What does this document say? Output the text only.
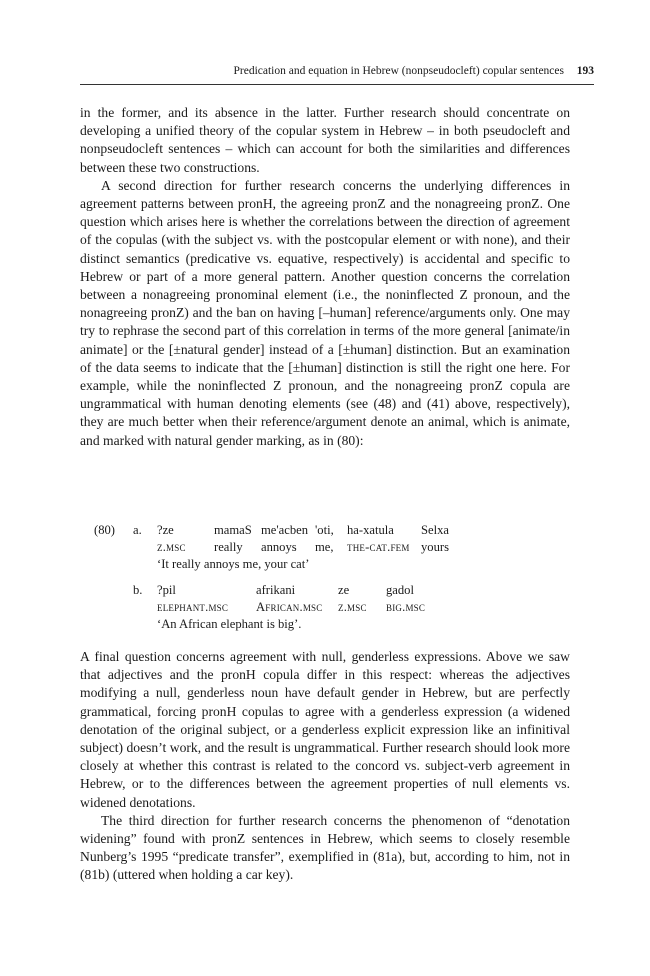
Predication and equation in Hebrew (nonpseudocleft) copular sentences 193

in the former, and its absence in the latter. Further research should concentrate on developing a unified theory of the copular system in Hebrew – in both pseudocleft and nonpseudocleft sentences – which can account for both the similarities and differences between these two constructions.

A second direction for further research concerns the underlying differences in agreement patterns between pronH, the agreeing pronZ and the nonagreeing pronZ. One question which arises here is whether the correlations between the direction of agreement of the copulas (with the subject vs. with the postcopular element or with none), and their distinct semantics (predicative vs. equative, respectively) is accidental and specific to Hebrew or part of a more general pattern. Another question concerns the correlation between a nonagreeing pronominal element (i.e., the noninflected Z pronoun, and the nonagreeing pronZ) and the ban on having [–human] reference/arguments only. One may try to rephrase the second part of this correlation in terms of the more general [animate/in animate] or the [±natural gender] instead of a [±human] distinction. But an examination of the data seems to indicate that the [±human] distinction is still the right one here. For example, while the noninflected Z pronoun, and the nonagreeing pronZ copula are ungrammatical with human denoting elements (see (48) and (41) above, respectively), they are much better when their reference/argument denote an animal, which is animate, and marked with natural gender marking, as in (80):

(80) a. ?ze	mamaS me'acben 'oti, ha-xatula Selxa
z.msc really annoys me, the-cat.fem yours
‘It really annoys me, your cat’
b. ?pil	afrikani	ze	gadol
elephant.msc African.msc z.msc big.msc
‘An African elephant is big’.

A final question concerns agreement with null, genderless expressions. Above we saw that adjectives and the pronH copula differ in this respect: whereas the adjectives modifying a null, genderless noun have default gender in Hebrew, but are perfectly grammatical, forcing pronH copulas to agree with a genderless expression (a widened denotation of the original subject, or a genderless explicit expression like an infinitival subject) doesn’t work, and the result is ungrammatical. Further research should look more closely at whether this contrast is related to the concord vs. subject-verb agreement in Hebrew, or to the differences between the agreement properties of null elements vs. widened denotations.

The third direction for further research concerns the phenomenon of “denotation widening” found with pronZ sentences in Hebrew, which seems to closely resemble Nunberg’s 1995 “predicate transfer”, exemplified in (81a), but, according to him, not in (81b) (uttered when holding a car key).
